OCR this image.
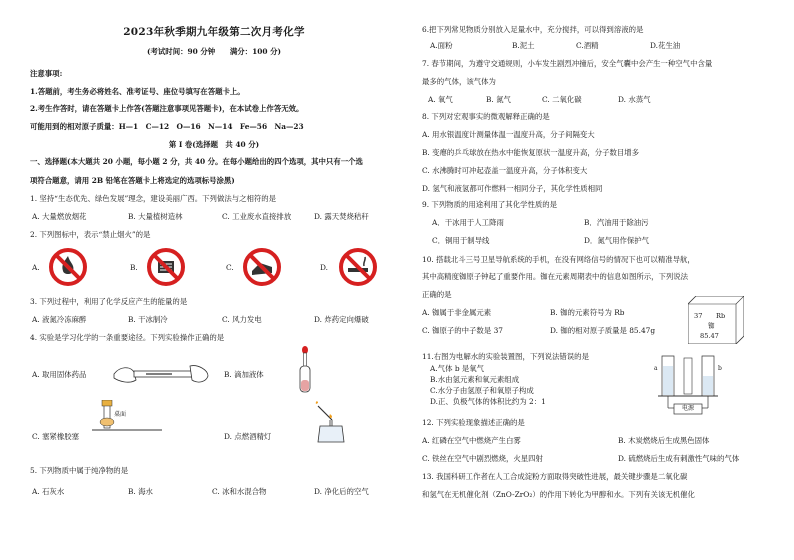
2023年秋季期九年级第二次月考化学
(考试时间：90 分钟　　满分：100 分)
注意事项:
1.答题前，考生务必将姓名、准考证号、座位号填写在答题卡上。
2.考生作答时，请在答题卡上作答(答题注意事项见答题卡)，在本试卷上作答无效。
可能用到的相对原子质量：H—1　C—12　O—16　N—14　Fe—56　Na—23
第 I 卷(选择题　共 40 分)
一、选择题(本大题共 20 小题，每小题 2 分，共 40 分。在每小题给出的四个选项，其中只有一个选
项符合题意，请用 2B 铅笔在答题卡上将选定的选项标号涂黑)
1. 坚持“生态优先、绿色发展”理念，建设美丽广西。下列做法与之相符的是
A. 大量燃放烟花	B. 大量植树造林	C. 工业废水直接排放	D. 露天焚烧秸秆
2. 下列图标中，表示“禁止烟火”的是
A.	B.	C.	D.
3. 下列过程中，利用了化学反应产生的能量的是
A. 液氮冷冻麻醉	B. 干冰制冷	C. 风力发电	D. 炸药定向爆破
4. 实验是学习化学的一条重要途径。下列实验操作正确的是
A. 取用固体药品	B. 滴加液体
C. 塞紧橡胶塞	D. 点燃酒精灯
桌面
5. 下列物质中属于纯净物的是
A. 石灰水	B. 海水	C. 冰和水混合物	D. 净化后的空气
6.把下列常见物质分别放入足量水中，充分搅拌，可以得到溶液的是
A.面粉	B.泥土	C.酒精	D.花生油
7. 春节期间，为遵守交通规则，小车发生剧烈冲撞后，安全气囊中会产生一种空气中含量
最多的气体，该气体为
A. 氧气	B. 氮气	C. 二氧化碳	D. 水蒸气
8. 下列对宏观事实的微观解释正确的是
A. 用水银温度计测量体温一温度升高，分子间隔变大
B. 变瘪的乒乓球放在热水中能恢复原状一温度升高，分子数目增多
C. 水沸腾时可冲起壶盖一温度升高，分子体积变大
D. 氢气和液氢都可作燃料一相同分子，其化学性质相同
9. 下列物质的用途利用了其化学性质的是
A．干冰用于人工降雨	B．汽油用于除油污
C．铜用于制导线	D．氮气用作保护气
10. 搭载北斗三号卫星导航系统的手机，在没有网络信号的情况下也可以精准导航，
其中高精度铷原子钟起了重要作用。铷在元素周期表中的信息如图所示，下列说法
正确的是
A. 铷属于非金属元素	B. 铷的元素符号为 Rb
C. 铷原子的中子数是 37	D. 铷的相对原子质量是 85.47g
37 Rb
铷
85.47
11.右图为电解水的实验装置图，下列说法错误的是
A.气体 b 是氧气
B.水由氢元素和氧元素组成
C.水分子由氢原子和氧原子构成
D.正、负极气体的体积比约为 2：1
a	b
电源
12. 下列实验现象描述正确的是
A. 红磷在空气中燃烧产生白雾	B. 木炭燃烧后生成黑色固体
C. 铁丝在空气中剧烈燃烧，火星四射	D. 硫燃烧后生成有刺激性气味的气体
13. 我国科研工作者在人工合成淀粉方面取得突破性进展，最关键步骤是二氧化碳
和氢气在无机催化剂（ZnO-ZrO₂）的作用下转化为甲醇和水。下列有关该无机催化
